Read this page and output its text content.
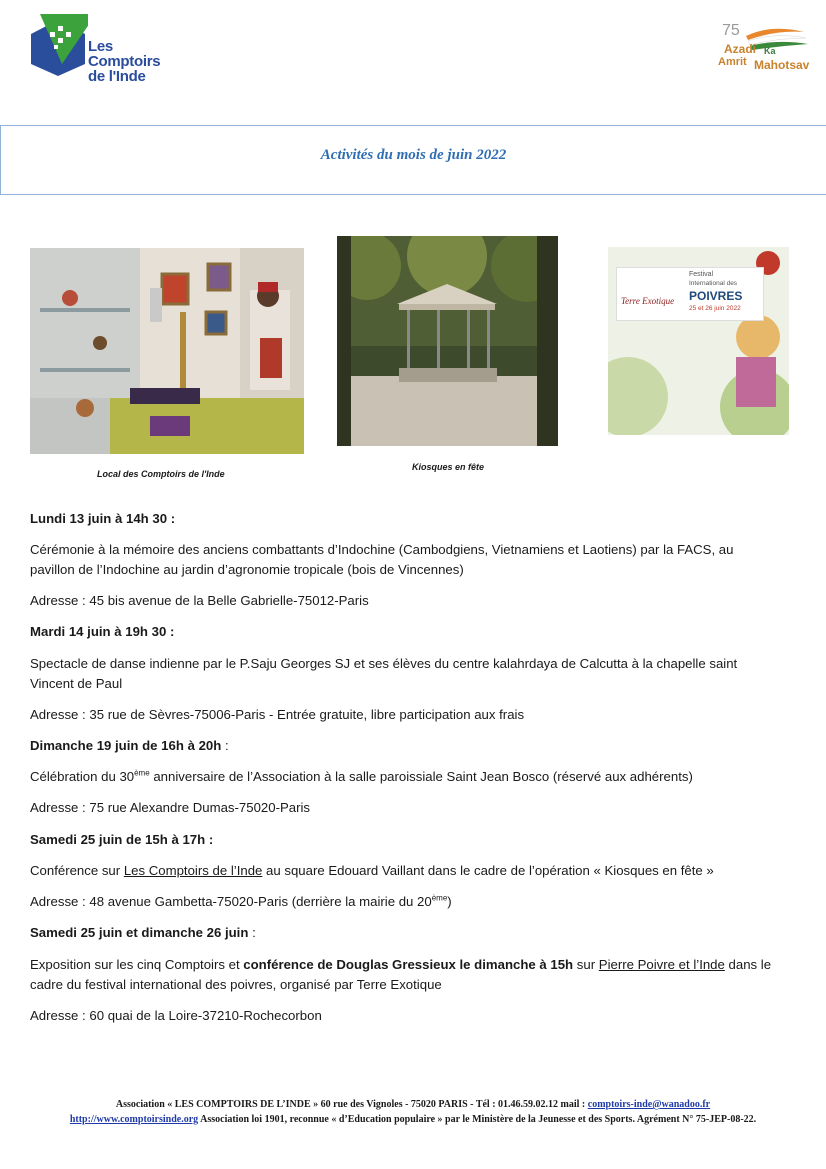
Les Comptoirs
de l'Inde
75
Azadi Ka
Amrit Mahotsav
Activités du mois de juin 2022
Local des Comptoirs de l'Inde
Kiosques en fête
Terre Exotique
Festival
International des
POIVRES
25 et 26 juin 2022
Lundi 13 juin à 14h 30 :
Cérémonie à la mémoire des anciens combattants d’Indochine (Cambodgiens, Vietnamiens et Laotiens) par la FACS, au
pavillon de l’Indochine au jardin d’agronomie tropicale (bois de Vincennes)
Adresse : 45 bis avenue de la Belle Gabrielle-75012-Paris
Mardi 14 juin à 19h 30 :
Spectacle de danse indienne par le P.Saju Georges SJ et ses élèves du centre kalahrdaya de Calcutta à la chapelle saint
Vincent de Paul
Adresse : 35 rue de Sèvres-75006-Paris - Entrée gratuite, libre participation aux frais
Dimanche 19 juin de 16h à 20h :
Célébration du 30ème anniversaire de l’Association à la salle paroissiale Saint Jean Bosco (réservé aux adhérents)
Adresse : 75 rue Alexandre Dumas-75020-Paris
Samedi 25 juin de 15h à 17h :
Conférence sur Les Comptoirs de l’Inde au square Edouard Vaillant dans le cadre de l’opération « Kiosques en fête »
Adresse : 48 avenue Gambetta-75020-Paris (derrière la mairie du 20ème)
Samedi 25 juin et dimanche 26 juin :
Exposition sur les cinq Comptoirs et conférence de Douglas Gressieux le dimanche à 15h sur Pierre Poivre et l’Inde dans le
cadre du festival international des poivres, organisé par Terre Exotique
Adresse : 60 quai de la Loire-37210-Rochecorbon
Association « LES COMPTOIRS DE L’INDE » 60 rue des Vignoles - 75020 PARIS - Tél : 01.46.59.02.12 mail : comptoirs-inde@wanadoo.fr
http://www.comptoirsinde.org Association loi 1901, reconnue « d’Education populaire » par le Ministère de la Jeunesse et des Sports. Agrément N° 75-JEP-08-22.
